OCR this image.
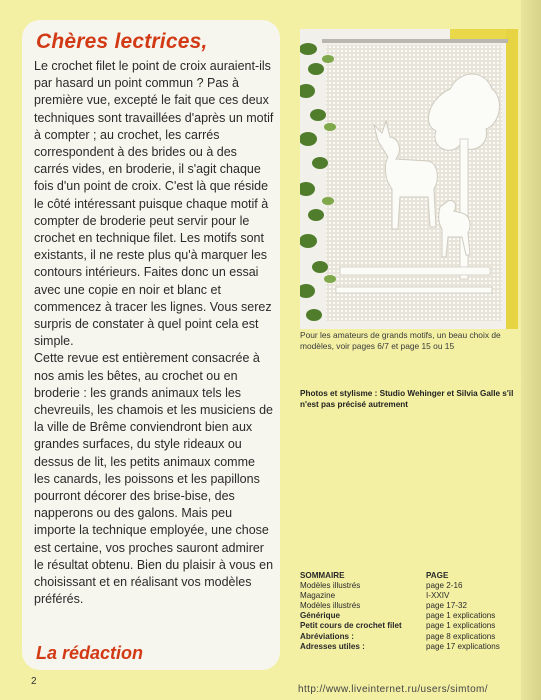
Chères lectrices,

Le crochet filet le point de croix auraient-ils par hasard un point commun ? Pas à première vue, excepté le fait que ces deux techniques sont travaillées d'après un motif à compter ; au crochet, les carrés correspondent à des brides ou à des carrés vides, en broderie, il s'agit chaque fois d'un point de croix. C'est là que réside le côté intéressant puisque chaque motif à compter de broderie peut servir pour le crochet en technique filet. Les motifs sont existants, il ne reste plus qu'à marquer les contours intérieurs. Faites donc un essai avec une copie en noir et blanc et commencez à tracer les lignes. Vous serez surpris de constater à quel point cela est simple.

Cette revue est entièrement consacrée à nos amis les bêtes, au crochet ou en broderie : les grands animaux tels les chevreuils, les chamois et les musiciens de la ville de Brême conviendront bien aux grandes surfaces, du style rideaux ou dessus de lit, les petits animaux comme les canards, les poissons et les papillons pourront décorer des brise-bise, des napperons ou des galons. Mais peu importe la technique employée, une chose est certaine, vos proches sauront admirer le résultat obtenu. Bien du plaisir à vous en choisissant et en réalisant vos modèles préférés.

La rédaction
Pour les amateurs de grands motifs, un beau choix de modèles, voir pages 6/7 et page 15 ou 15
Photos et stylisme : Studio Wehinger et Silvia Galle s'il n'est pas précisé autrement
SOMMAIRE	PAGE
Modèles illustrés	page 2-16
Magazine	I-XXIV
Modèles illustrés	page 17-32
Générique	page 1 explications
Petit cours de crochet filet	page 1 explications
Abréviations :	page 8 explications
Adresses utiles :	page 17 explications
2
http://www.liveinternet.ru/users/simtom/
